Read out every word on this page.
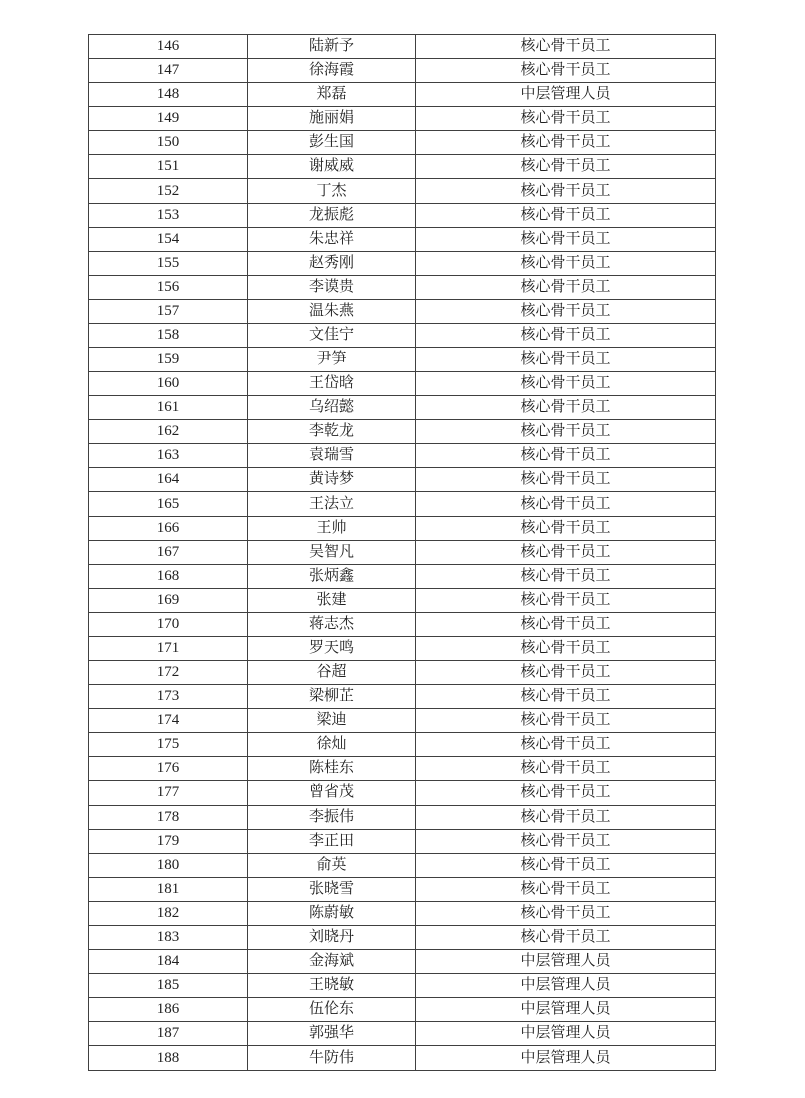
146	陆新予	核心骨干员工
147	徐海霞	核心骨干员工
148	郑磊	中层管理人员
149	施丽娟	核心骨干员工
150	彭生国	核心骨干员工
151	谢威威	核心骨干员工
152	丁杰	核心骨干员工
153	龙振彪	核心骨干员工
154	朱忠祥	核心骨干员工
155	赵秀刚	核心骨干员工
156	李谟贵	核心骨干员工
157	温朱燕	核心骨干员工
158	文佳宁	核心骨干员工
159	尹笋	核心骨干员工
160	王岱晗	核心骨干员工
161	乌绍懿	核心骨干员工
162	李乾龙	核心骨干员工
163	袁瑞雪	核心骨干员工
164	黄诗梦	核心骨干员工
165	王法立	核心骨干员工
166	王帅	核心骨干员工
167	吴智凡	核心骨干员工
168	张炳鑫	核心骨干员工
169	张建	核心骨干员工
170	蒋志杰	核心骨干员工
171	罗天鸣	核心骨干员工
172	谷超	核心骨干员工
173	梁柳芷	核心骨干员工
174	梁迪	核心骨干员工
175	徐灿	核心骨干员工
176	陈桂东	核心骨干员工
177	曾省茂	核心骨干员工
178	李振伟	核心骨干员工
179	李正田	核心骨干员工
180	俞英	核心骨干员工
181	张晓雪	核心骨干员工
182	陈蔚敏	核心骨干员工
183	刘晓丹	核心骨干员工
184	金海斌	中层管理人员
185	王晓敏	中层管理人员
186	伍伦东	中层管理人员
187	郭强华	中层管理人员
188	牛防伟	中层管理人员
